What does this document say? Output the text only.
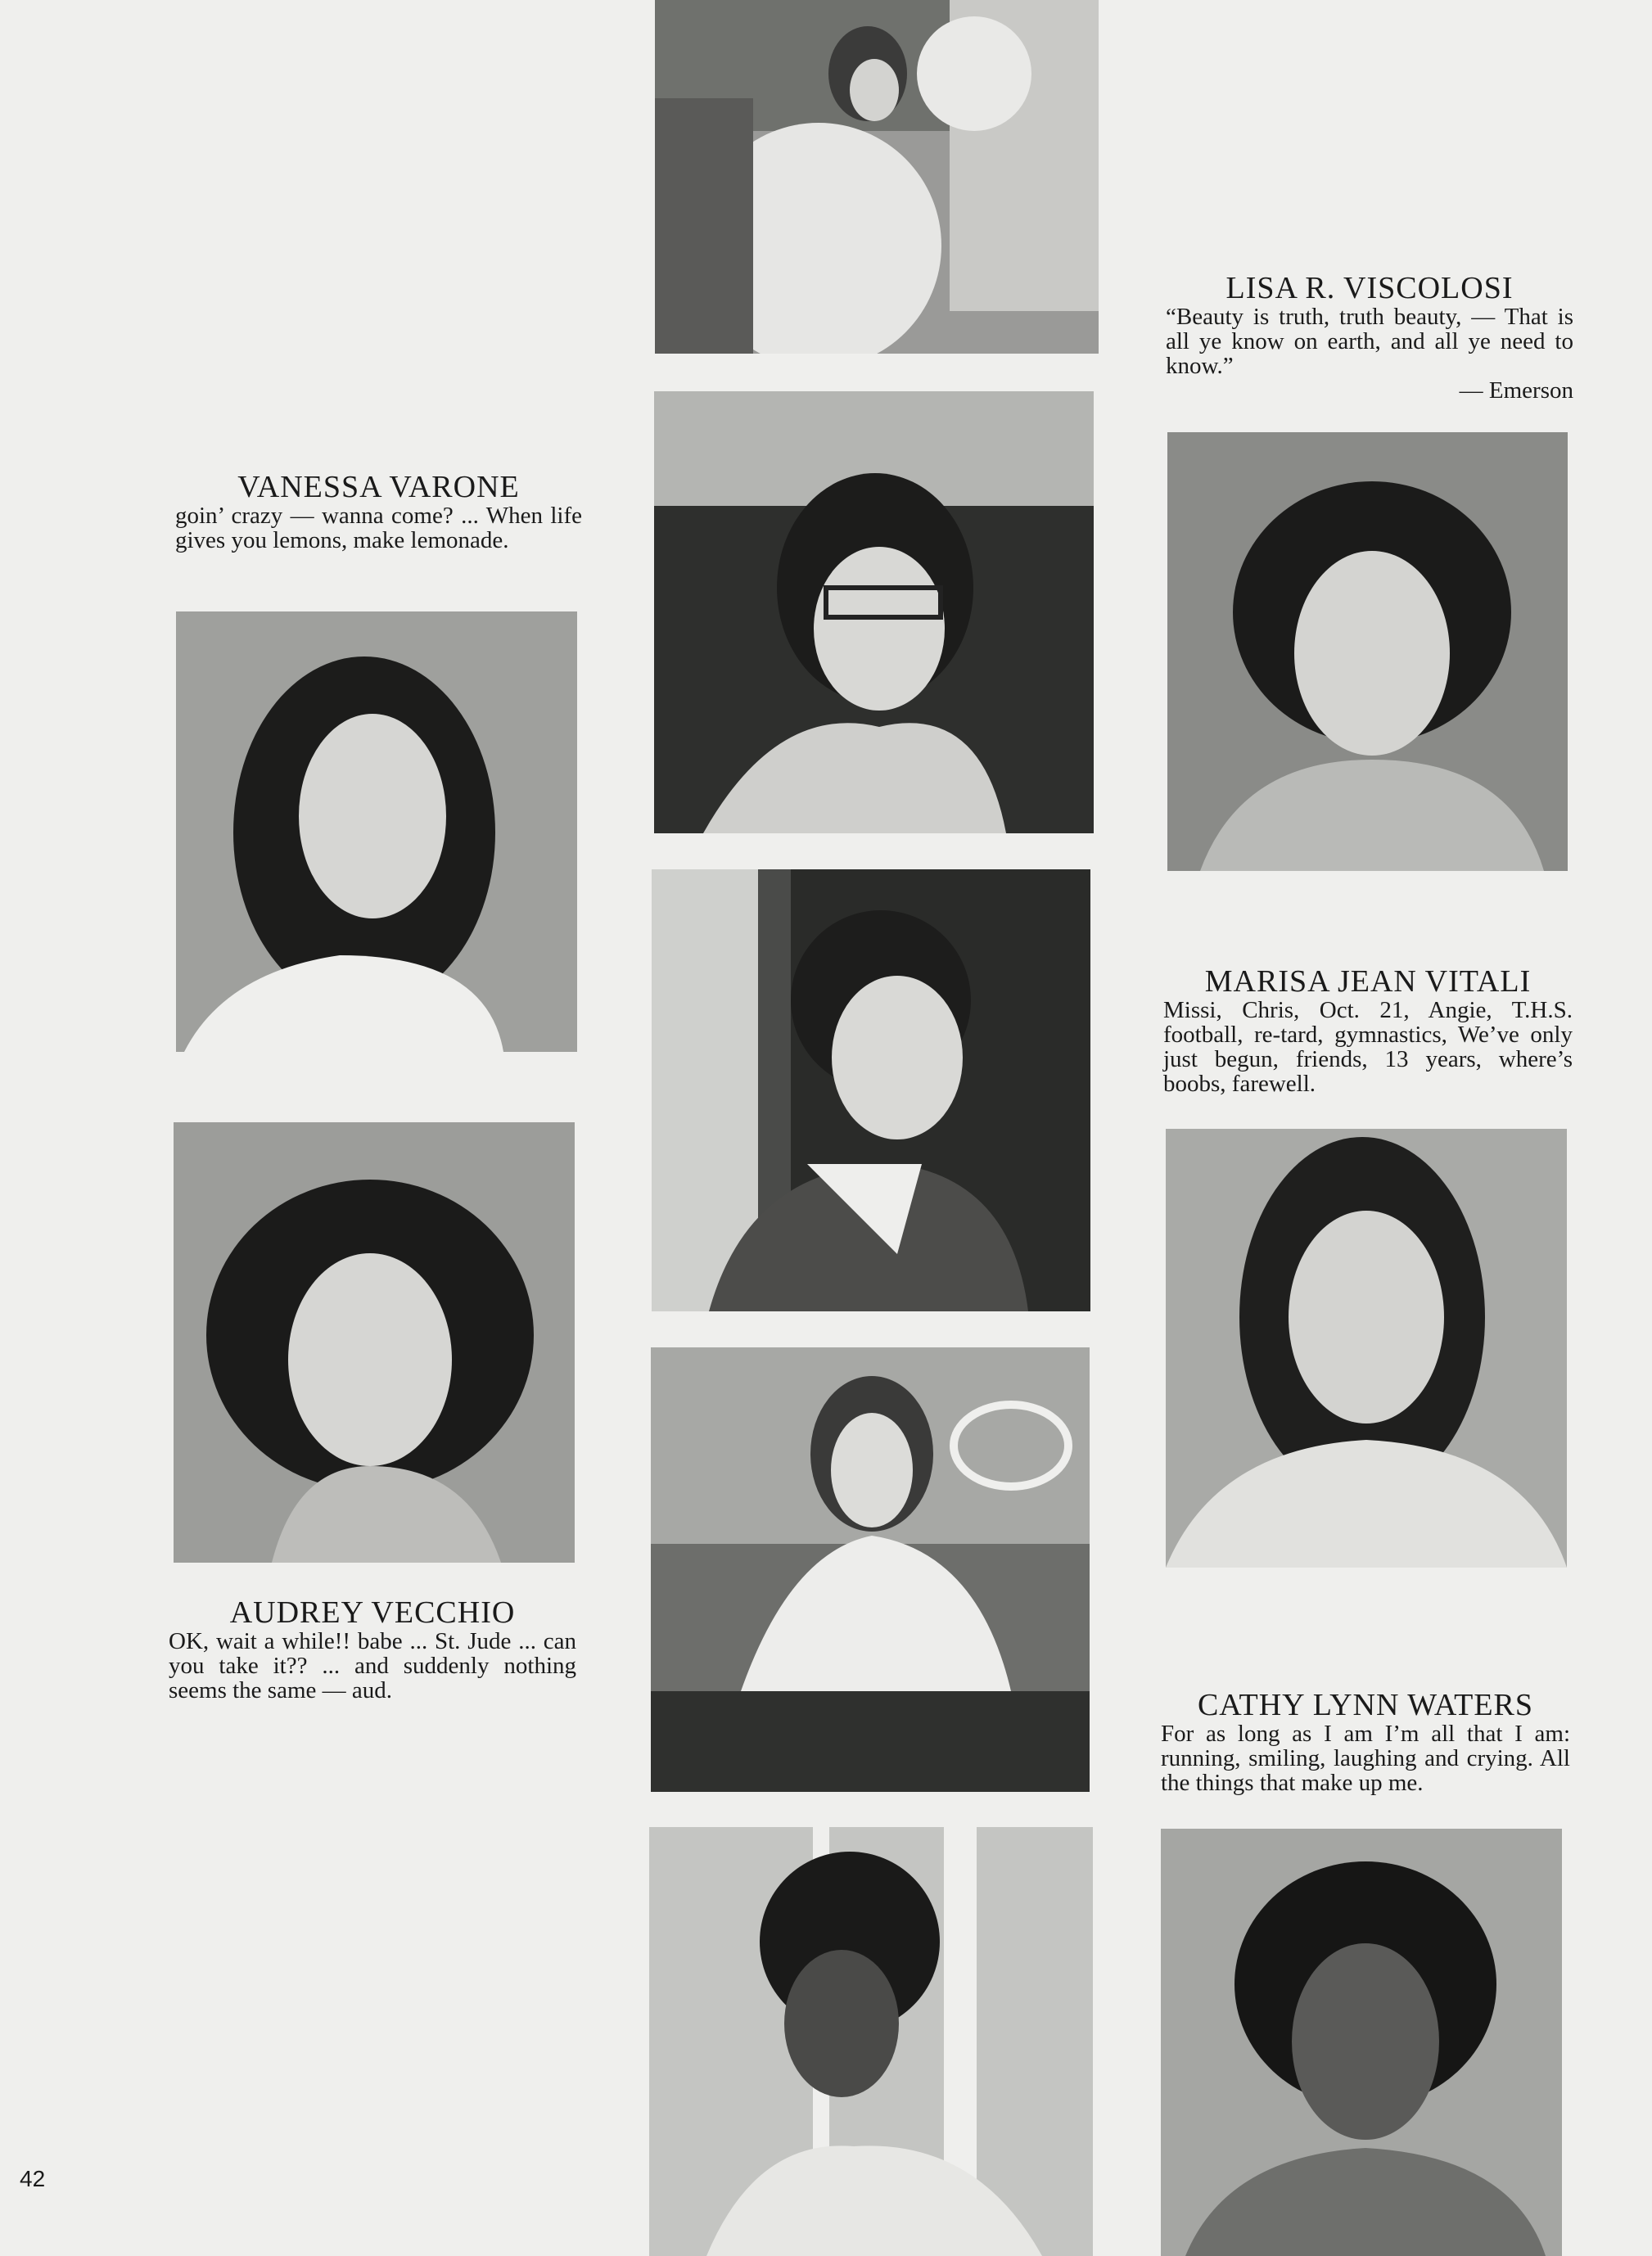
LISA R. VISCOLOSI

“Beauty is truth, truth beauty, — That is all ye know on earth, and all ye need to know.”

— Emerson

VANESSA VARONE

goin’ crazy — wanna come? ... When life gives you lemons, make lemonade.

MARISA JEAN VITALI

Missi, Chris, Oct. 21, Angie, T.H.S. football, re-tard, gymnastics, We’ve only just begun, friends, 13 years, where’s boobs, farewell.

AUDREY VECCHIO

OK, wait a while!! babe ... St. Jude ... can you take it?? ... and suddenly nothing seems the same — aud.	CATHY LYNN WATERS

For as long as I am I’m all that I am: running, smiling, laughing and crying. All the things that make up me.

42
